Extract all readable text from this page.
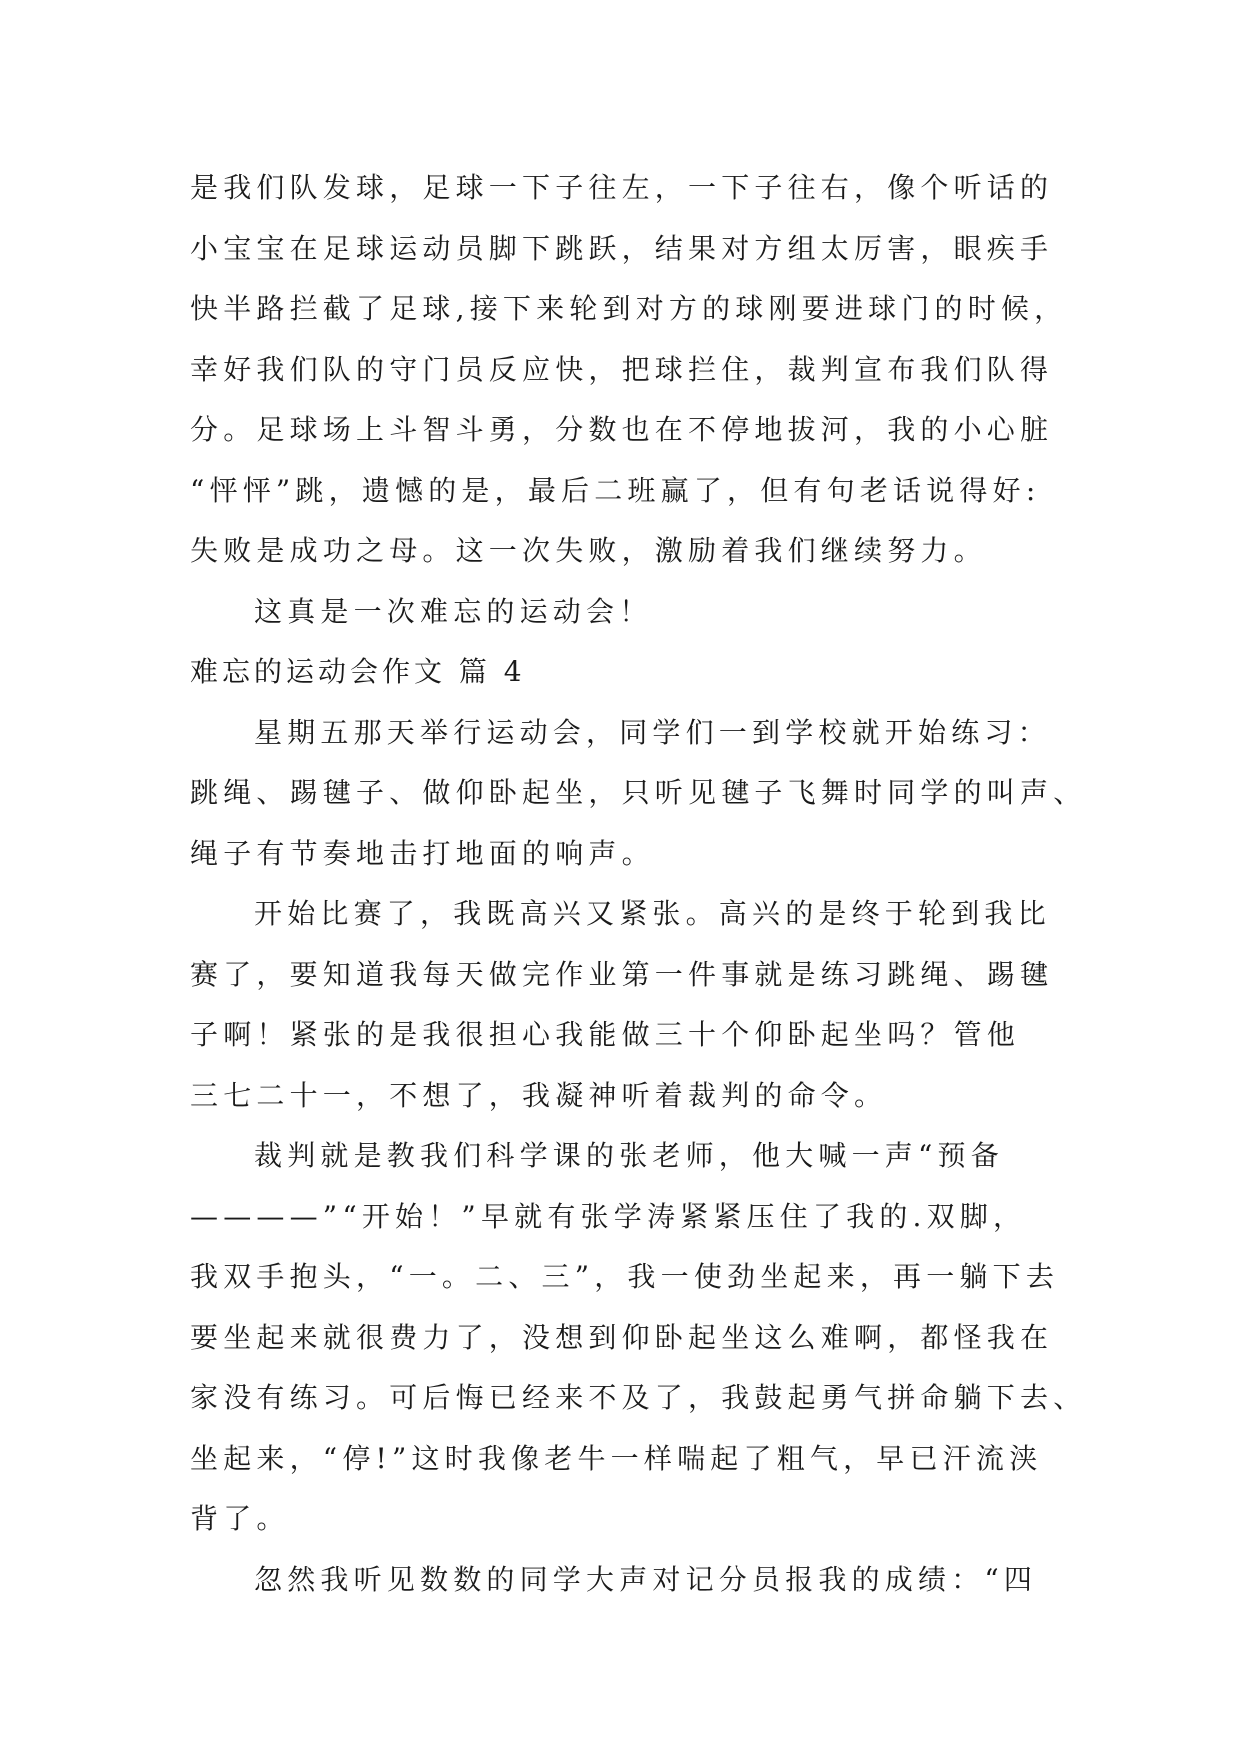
是我们队发球，足球一下子往左，一下子往右，像个听话的

小宝宝在足球运动员脚下跳跃，结果对方组太厉害，眼疾手

快半路拦截了足球,接下来轮到对方的球刚要进球门的时候，

幸好我们队的守门员反应快，把球拦住，裁判宣布我们队得

分。足球场上斗智斗勇，分数也在不停地拔河，我的小心脏

“怦怦”跳，遗憾的是，最后二班赢了，但有句老话说得好:

失败是成功之母。这一次失败，激励着我们继续努力。

这真是一次难忘的运动会！

难忘的运动会作文 篇 4

星期五那天举行运动会，同学们一到学校就开始练习：

跳绳、踢毽子、做仰卧起坐，只听见毽子飞舞时同学的叫声、

绳子有节奏地击打地面的响声。

开始比赛了，我既高兴又紧张。高兴的是终于轮到我比

赛了，要知道我每天做完作业第一件事就是练习跳绳、踢毽

子啊！紧张的是我很担心我能做三十个仰卧起坐吗？管他

三七二十一，不想了，我凝神听着裁判的命令。

裁判就是教我们科学课的张老师，他大喊一声“预备

————”“开始！”早就有张学涛紧紧压住了我的.双脚，

我双手抱头，“一。二、三”，我一使劲坐起来，再一躺下去

要坐起来就很费力了，没想到仰卧起坐这么难啊，都怪我在

家没有练习。可后悔已经来不及了，我鼓起勇气拼命躺下去、

坐起来，“停!”这时我像老牛一样喘起了粗气，早已汗流浃

背了。

忽然我听见数数的同学大声对记分员报我的成绩：“四
